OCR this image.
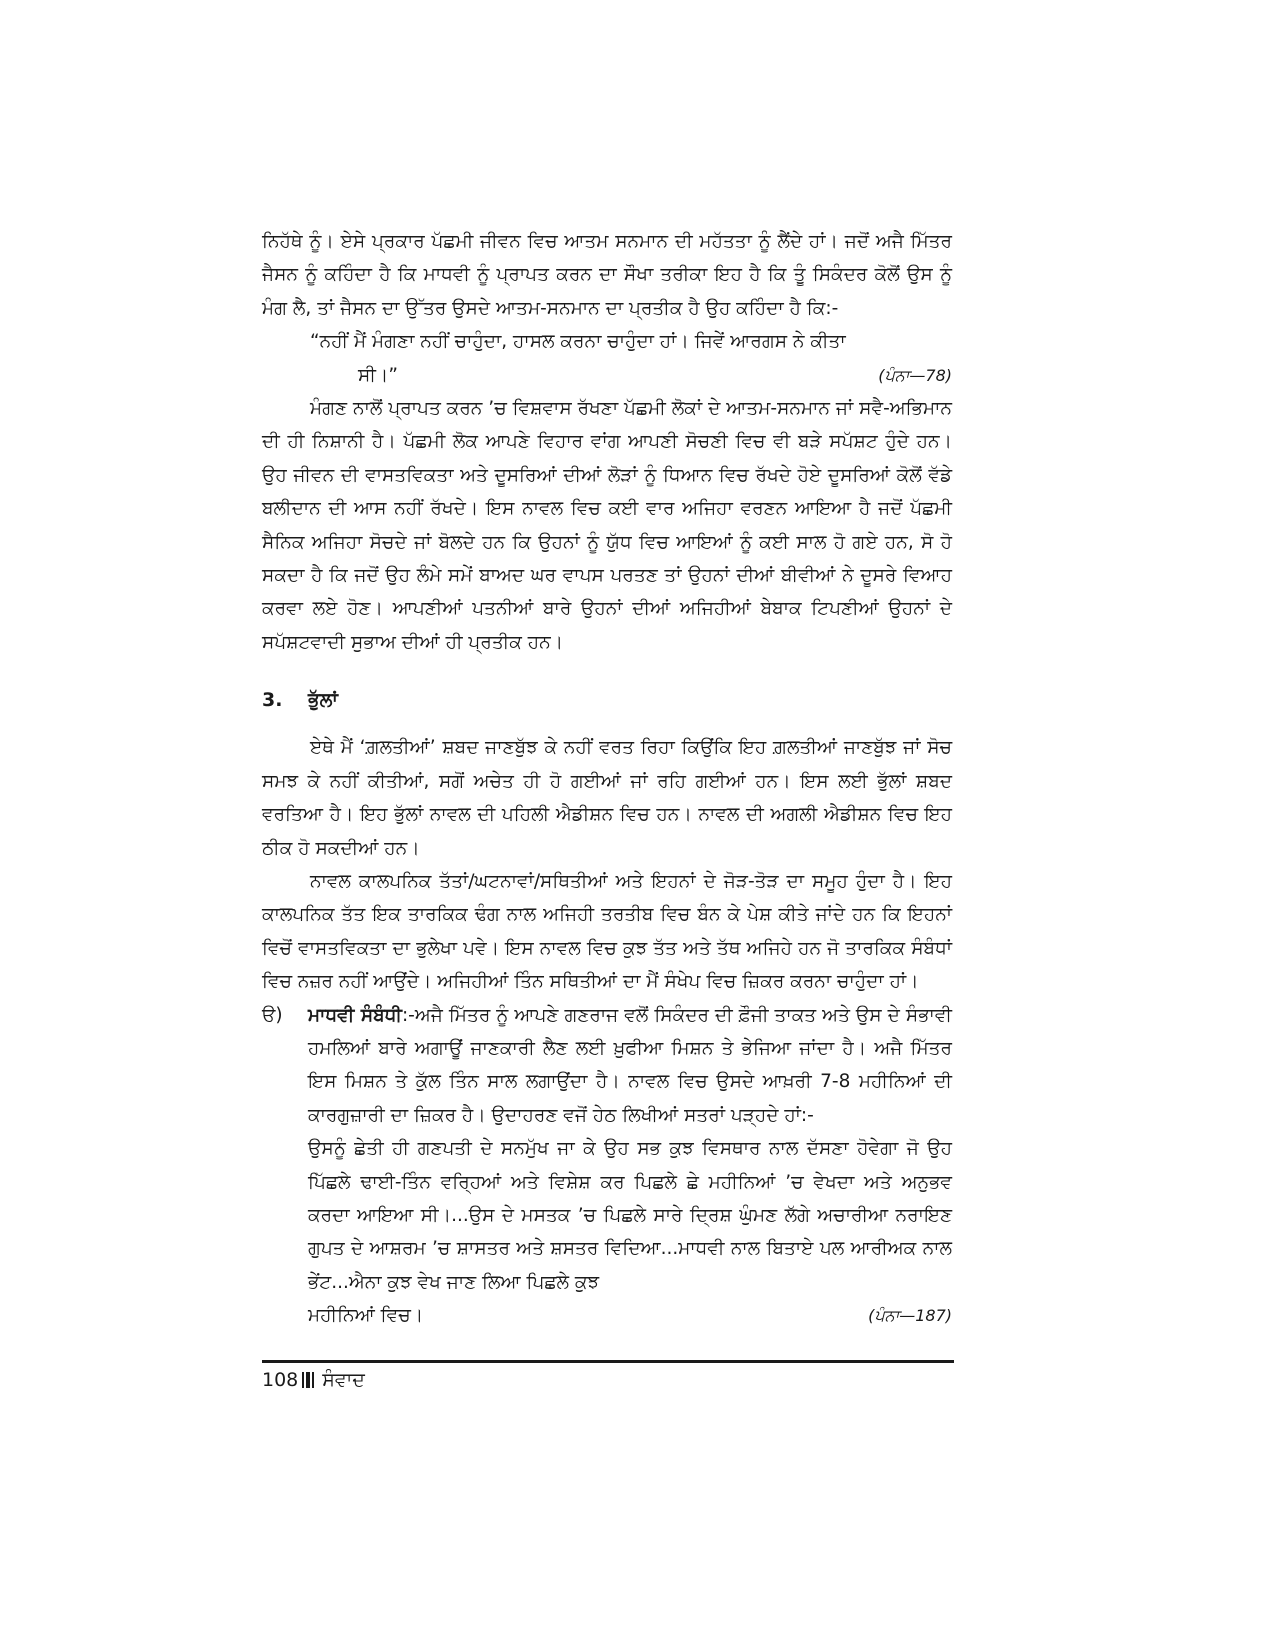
ਨਿਹੱਥੇ ਨੂੰ। ਏਸੇ ਪ੍ਰਕਾਰ ਪੱਛਮੀ ਜੀਵਨ ਵਿਚ ਆਤਮ ਸਨਮਾਨ ਦੀ ਮਹੱਤਤਾ ਨੂੰ ਲੈਂਦੇ ਹਾਂ। ਜਦੋਂ ਅਜੈ ਮਿੱਤਰ ਜੈਸਨ ਨੂੰ ਕਹਿੰਦਾ ਹੈ ਕਿ ਮਾਧਵੀ ਨੂੰ ਪ੍ਰਾਪਤ ਕਰਨ ਦਾ ਸੌਖਾ ਤਰੀਕਾ ਇਹ ਹੈ ਕਿ ਤੂੰ ਸਿਕੰਦਰ ਕੋਲੋਂ ਉਸ ਨੂੰ ਮੰਗ ਲੈ, ਤਾਂ ਜੈਸਨ ਦਾ ਉੱਤਰ ਉਸਦੇ ਆਤਮ-ਸਨਮਾਨ ਦਾ ਪ੍ਰਤੀਕ ਹੈ ਉਹ ਕਹਿੰਦਾ ਹੈ ਕਿ:-

“ਨਹੀਂ ਮੈਂ ਮੰਗਣਾ ਨਹੀਂ ਚਾਹੁੰਦਾ, ਹਾਸਲ ਕਰਨਾ ਚਾਹੁੰਦਾ ਹਾਂ। ਜਿਵੇਂ ਆਰਗਸ ਨੇ ਕੀਤਾ

ਸੀ।”	(ਪੰਨਾ—78)

ਮੰਗਣ ਨਾਲੋਂ ਪ੍ਰਾਪਤ ਕਰਨ ’ਚ ਵਿਸ਼ਵਾਸ ਰੱਖਣਾ ਪੱਛਮੀ ਲੋਕਾਂ ਦੇ ਆਤਮ-ਸਨਮਾਨ ਜਾਂ ਸਵੈ-ਅਭਿਮਾਨ ਦੀ ਹੀ ਨਿਸ਼ਾਨੀ ਹੈ। ਪੱਛਮੀ ਲੋਕ ਆਪਣੇ ਵਿਹਾਰ ਵਾਂਗ ਆਪਣੀ ਸੋਚਣੀ ਵਿਚ ਵੀ ਬੜੇ ਸਪੱਸ਼ਟ ਹੁੰਦੇ ਹਨ। ਉਹ ਜੀਵਨ ਦੀ ਵਾਸਤਵਿਕਤਾ ਅਤੇ ਦੂਸਰਿਆਂ ਦੀਆਂ ਲੋੜਾਂ ਨੂੰ ਧਿਆਨ ਵਿਚ ਰੱਖਦੇ ਹੋਏ ਦੂਸਰਿਆਂ ਕੋਲੋਂ ਵੱਡੇ ਬਲੀਦਾਨ ਦੀ ਆਸ ਨਹੀਂ ਰੱਖਦੇ। ਇਸ ਨਾਵਲ ਵਿਚ ਕਈ ਵਾਰ ਅਜਿਹਾ ਵਰਣਨ ਆਇਆ ਹੈ ਜਦੋਂ ਪੱਛਮੀ ਸੈਨਿਕ ਅਜਿਹਾ ਸੋਚਦੇ ਜਾਂ ਬੋਲਦੇ ਹਨ ਕਿ ਉਹਨਾਂ ਨੂੰ ਯੁੱਧ ਵਿਚ ਆਇਆਂ ਨੂੰ ਕਈ ਸਾਲ ਹੋ ਗਏ ਹਨ, ਸੋ ਹੋ ਸਕਦਾ ਹੈ ਕਿ ਜਦੋਂ ਉਹ ਲੰਮੇ ਸਮੇਂ ਬਾਅਦ ਘਰ ਵਾਪਸ ਪਰਤਣ ਤਾਂ ਉਹਨਾਂ ਦੀਆਂ ਬੀਵੀਆਂ ਨੇ ਦੂਸਰੇ ਵਿਆਹ ਕਰਵਾ ਲਏ ਹੋਣ। ਆਪਣੀਆਂ ਪਤਨੀਆਂ ਬਾਰੇ ਉਹਨਾਂ ਦੀਆਂ ਅਜਿਹੀਆਂ ਬੇਬਾਕ ਟਿਪਣੀਆਂ ਉਹਨਾਂ ਦੇ ਸਪੱਸ਼ਟਵਾਦੀ ਸੁਭਾਅ ਦੀਆਂ ਹੀ ਪ੍ਰਤੀਕ ਹਨ।

3.	ਭੁੱਲਾਂ

ਏਥੇ ਮੈਂ ‘ਗ਼ਲਤੀਆਂ’ ਸ਼ਬਦ ਜਾਣਬੁੱਝ ਕੇ ਨਹੀਂ ਵਰਤ ਰਿਹਾ ਕਿਉਂਕਿ ਇਹ ਗ਼ਲਤੀਆਂ ਜਾਣਬੁੱਝ ਜਾਂ ਸੋਚ ਸਮਝ ਕੇ ਨਹੀਂ ਕੀਤੀਆਂ, ਸਗੋਂ ਅਚੇਤ ਹੀ ਹੋ ਗਈਆਂ ਜਾਂ ਰਹਿ ਗਈਆਂ ਹਨ। ਇਸ ਲਈ ਭੁੱਲਾਂ ਸ਼ਬਦ ਵਰਤਿਆ ਹੈ। ਇਹ ਭੁੱਲਾਂ ਨਾਵਲ ਦੀ ਪਹਿਲੀ ਐਡੀਸ਼ਨ ਵਿਚ ਹਨ। ਨਾਵਲ ਦੀ ਅਗਲੀ ਐਡੀਸ਼ਨ ਵਿਚ ਇਹ ਠੀਕ ਹੋ ਸਕਦੀਆਂ ਹਨ।

ਨਾਵਲ ਕਾਲਪਨਿਕ ਤੱਤਾਂ/ਘਟਨਾਵਾਂ/ਸਥਿਤੀਆਂ ਅਤੇ ਇਹਨਾਂ ਦੇ ਜੋੜ-ਤੋੜ ਦਾ ਸਮੂਹ ਹੁੰਦਾ ਹੈ। ਇਹ ਕਾਲਪਨਿਕ ਤੱਤ ਇਕ ਤਾਰਕਿਕ ਢੰਗ ਨਾਲ ਅਜਿਹੀ ਤਰਤੀਬ ਵਿਚ ਬੰਨ ਕੇ ਪੇਸ਼ ਕੀਤੇ ਜਾਂਦੇ ਹਨ ਕਿ ਇਹਨਾਂ ਵਿਚੋਂ ਵਾਸਤਵਿਕਤਾ ਦਾ ਭੁਲੇਖਾ ਪਵੇ। ਇਸ ਨਾਵਲ ਵਿਚ ਕੁਝ ਤੱਤ ਅਤੇ ਤੱਥ ਅਜਿਹੇ ਹਨ ਜੋ ਤਾਰਕਿਕ ਸੰਬੰਧਾਂ ਵਿਚ ਨਜ਼ਰ ਨਹੀਂ ਆਉਂਦੇ। ਅਜਿਹੀਆਂ ਤਿੰਨ ਸਥਿਤੀਆਂ ਦਾ ਮੈਂ ਸੰਖੇਪ ਵਿਚ ਜ਼ਿਕਰ ਕਰਨਾ ਚਾਹੁੰਦਾ ਹਾਂ।

ੳ)	ਮਾਧਵੀ ਸੰਬੰਧੀ:-ਅਜੈ ਮਿੱਤਰ ਨੂੰ ਆਪਣੇ ਗਣਰਾਜ ਵਲੋਂ ਸਿਕੰਦਰ ਦੀ ਫ਼ੌਜੀ ਤਾਕਤ ਅਤੇ ਉਸ ਦੇ ਸੰਭਾਵੀ ਹਮਲਿਆਂ ਬਾਰੇ ਅਗਾਊਂ ਜਾਣਕਾਰੀ ਲੈਣ ਲਈ ਖ਼ੁਫੀਆ ਮਿਸ਼ਨ ਤੇ ਭੇਜਿਆ ਜਾਂਦਾ ਹੈ। ਅਜੈ ਮਿੱਤਰ ਇਸ ਮਿਸ਼ਨ ਤੇ ਕੁੱਲ ਤਿੰਨ ਸਾਲ ਲਗਾਉਂਦਾ ਹੈ। ਨਾਵਲ ਵਿਚ ਉਸਦੇ ਆਖ਼ਰੀ 7-8 ਮਹੀਨਿਆਂ ਦੀ ਕਾਰਗੁਜ਼ਾਰੀ ਦਾ ਜ਼ਿਕਰ ਹੈ। ਉਦਾਹਰਣ ਵਜੋਂ ਹੇਠ ਲਿਖੀਆਂ ਸਤਰਾਂ ਪੜ੍ਹਦੇ ਹਾਂ:-

ਉਸਨੂੰ ਛੇਤੀ ਹੀ ਗਣਪਤੀ ਦੇ ਸਨਮੁੱਖ ਜਾ ਕੇ ਉਹ ਸਭ ਕੁਝ ਵਿਸਥਾਰ ਨਾਲ ਦੱਸਣਾ ਹੋਵੇਗਾ ਜੋ ਉਹ ਪਿੱਛਲੇ ਢਾਈ-ਤਿੰਨ ਵਰ੍ਹਿਆਂ ਅਤੇ ਵਿਸ਼ੇਸ਼ ਕਰ ਪਿਛਲੇ ਛੇ ਮਹੀਨਿਆਂ ’ਚ ਵੇਖਦਾ ਅਤੇ ਅਨੁਭਵ ਕਰਦਾ ਆਇਆ ਸੀ।...ਉਸ ਦੇ ਮਸਤਕ ’ਚ ਪਿਛਲੇ ਸਾਰੇ ਦ੍ਰਿਸ਼ ਘੁੰਮਣ ਲੱਗੇ ਅਚਾਰੀਆ ਨਰਾਇਣ ਗੁਪਤ ਦੇ ਆਸ਼ਰਮ ’ਚ ਸ਼ਾਸਤਰ ਅਤੇ ਸ਼ਸਤਰ ਵਿਦਿਆ...ਮਾਧਵੀ ਨਾਲ ਬਿਤਾਏ ਪਲ ਆਰੀਅਕ ਨਾਲ ਭੇਂਟ...ਐਨਾ ਕੁਝ ਵੇਖ ਜਾਣ ਲਿਆ ਪਿਛਲੇ ਕੁਝ

ਮਹੀਨਿਆਂ ਵਿਚ।	(ਪੰਨਾ—187)
108 ਸੰਵਾਦ
